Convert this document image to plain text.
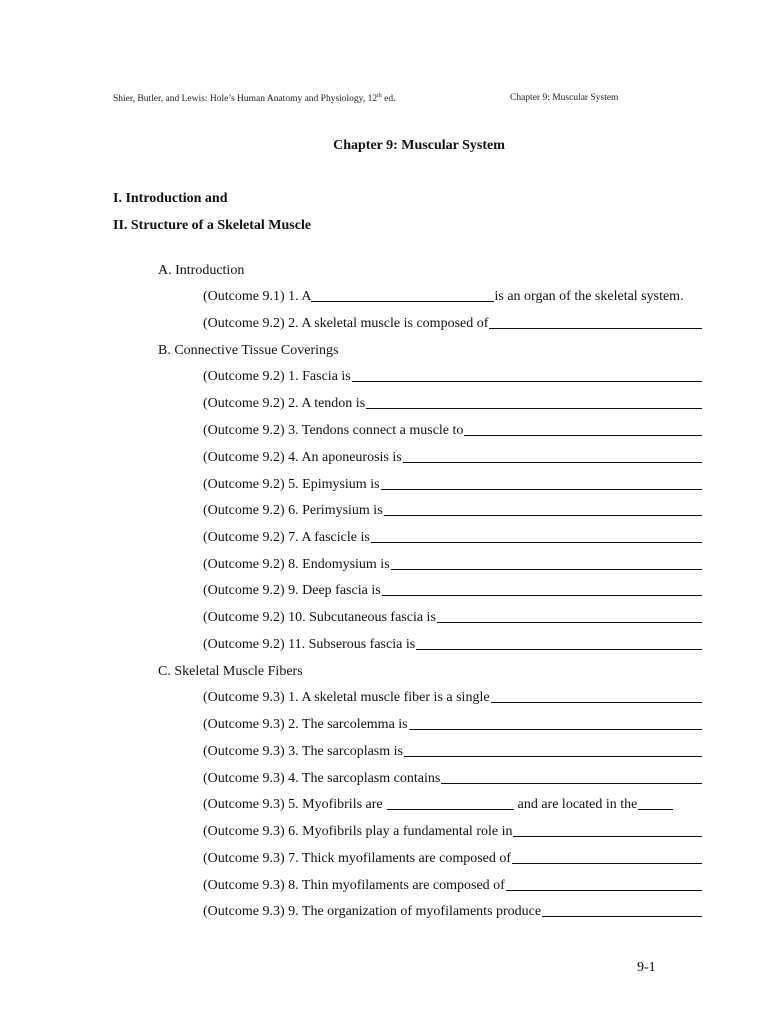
Shier, Butler, and Lewis: Hole’s Human Anatomy and Physiology, 12th ed.	Chapter 9: Muscular System
Chapter 9: Muscular System
I. Introduction and
II. Structure of a Skeletal Muscle
A. Introduction
(Outcome 9.1) 1. A	is an organ of the skeletal system.
(Outcome 9.2) 2. A skeletal muscle is composed of
B. Connective Tissue Coverings
(Outcome 9.2) 1. Fascia is
(Outcome 9.2) 2. A tendon is
(Outcome 9.2) 3. Tendons connect a muscle to
(Outcome 9.2) 4. An aponeurosis is
(Outcome 9.2) 5. Epimysium is
(Outcome 9.2) 6. Perimysium is
(Outcome 9.2) 7. A fascicle is
(Outcome 9.2) 8. Endomysium is
(Outcome 9.2) 9. Deep fascia is
(Outcome 9.2) 10. Subcutaneous fascia is
(Outcome 9.2) 11. Subserous fascia is
C. Skeletal Muscle Fibers
(Outcome 9.3) 1. A skeletal muscle fiber is a single
(Outcome 9.3) 2. The sarcolemma is
(Outcome 9.3) 3. The sarcoplasm is
(Outcome 9.3) 4. The sarcoplasm contains
(Outcome 9.3) 5. Myofibrils are	and are located in the
(Outcome 9.3) 6. Myofibrils play a fundamental role in
(Outcome 9.3) 7. Thick myofilaments are composed of
(Outcome 9.3) 8. Thin myofilaments are composed of
(Outcome 9.3) 9. The organization of myofilaments produce
9-1
